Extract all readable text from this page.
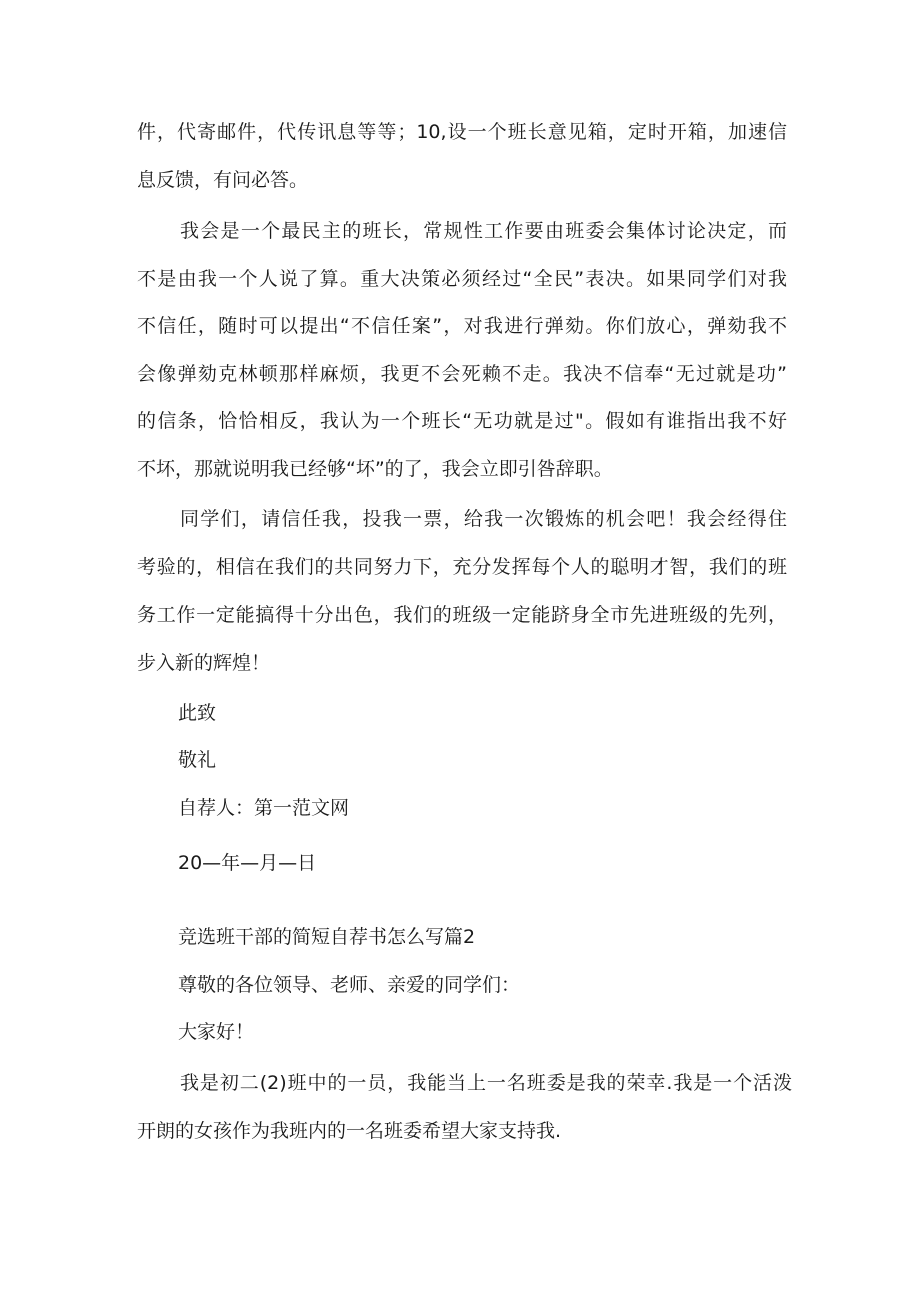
件，代寄邮件，代传讯息等等；10,设一个班长意见箱，定时开箱，加速信
息反馈，有问必答。
我会是一个最民主的班长，常规性工作要由班委会集体讨论决定，而
不是由我一个人说了算。重大决策必须经过“全民”表决。如果同学们对我
不信任，随时可以提出“不信任案”，对我进行弹劾。你们放心，弹劾我不
会像弹劾克林顿那样麻烦，我更不会死赖不走。我决不信奉“无过就是功”
的信条，恰恰相反，我认为一个班长“无功就是过"。假如有谁指出我不好
不坏，那就说明我已经够“坏”的了，我会立即引咎辞职。
同学们，请信任我，投我一票，给我一次锻炼的机会吧！我会经得住
考验的，相信在我们的共同努力下，充分发挥每个人的聪明才智，我们的班
务工作一定能搞得十分出色，我们的班级一定能跻身全市先进班级的先列，
步入新的辉煌！
此致
敬礼
自荐人：第一范文网
20—年—月—日
竞选班干部的简短自荐书怎么写篇2
尊敬的各位领导、老师、亲爱的同学们：
大家好！
我是初二(2)班中的一员，我能当上一名班委是我的荣幸.我是一个活泼
开朗的女孩作为我班内的一名班委希望大家支持我.
